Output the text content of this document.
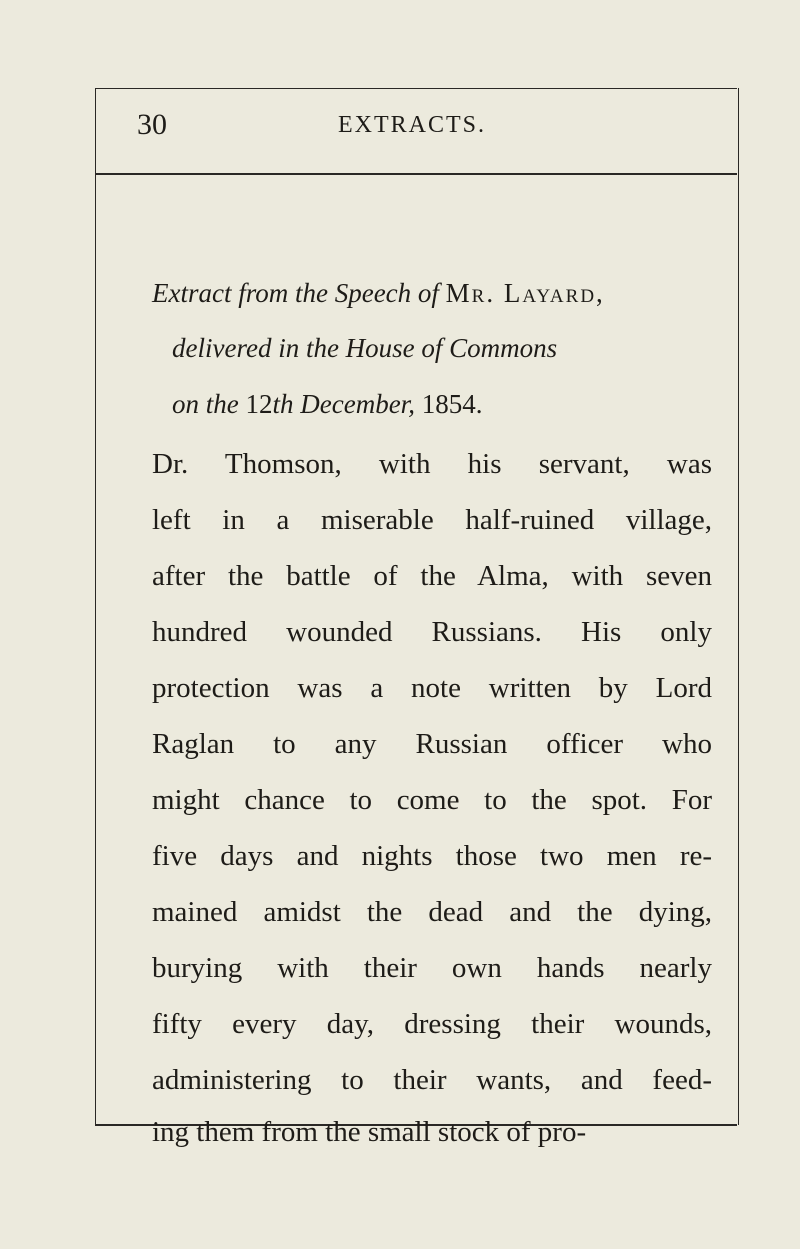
30	EXTRACTS.
Extract from the Speech of Mr. Layard,
delivered in the House of Commons
on the 12th December, 1854.
Dr. Thomson, with his servant, was
left in a miserable half-ruined village,
after the battle of the Alma, with seven
hundred wounded Russians. His only
protection was a note written by Lord
Raglan to any Russian officer who
might chance to come to the spot. For
five days and nights those two men re-
mained amidst the dead and the dying,
burying with their own hands nearly
fifty every day, dressing their wounds,
administering to their wants, and feed-
ing them from the small stock of pro-
